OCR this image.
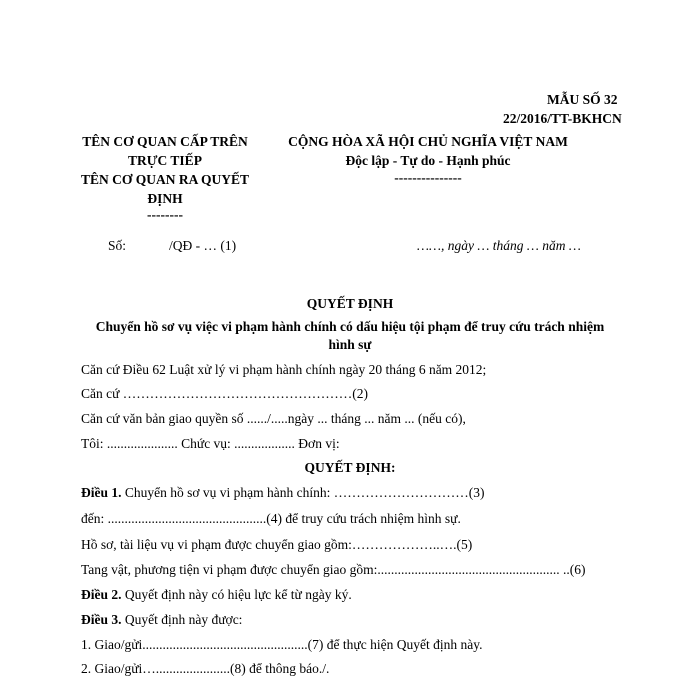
MẪU SỐ 32
22/2016/TT-BKHCN
TÊN CƠ QUAN CẤP TRÊN
TRỰC TIẾP
TÊN CƠ QUAN RA QUYẾT
ĐỊNH
--------
CỘNG HÒA XÃ HỘI CHỦ NGHĨA VIỆT NAM
Độc lập - Tự do - Hạnh phúc
---------------
Số:	/QĐ - … (1)	……, ngày … tháng … năm …
QUYẾT ĐỊNH
Chuyển hồ sơ vụ việc vi phạm hành chính có dấu hiệu tội phạm để truy cứu trách nhiệm
hình sự
Căn cứ Điều 62 Luật xử lý vi phạm hành chính ngày 20 tháng 6 năm 2012;
Căn cứ ……………………………………………(2)
Căn cứ văn bản giao quyền số ....../.....ngày ... tháng ... năm ... (nếu có),
Tôi: ..................... Chức vụ: .................. Đơn vị:
QUYẾT ĐỊNH:
Điều 1. Chuyển hồ sơ vụ vi phạm hành chính: …………………………(3)
đến: ...............................................(4) để truy cứu trách nhiệm hình sự.
Hồ sơ, tài liệu vụ vi phạm được chuyển giao gồm:………………..….(5)
Tang vật, phương tiện vi phạm được chuyển giao gồm:...................................................... ..(6)
Điều 2. Quyết định này có hiệu lực kể từ ngày ký.
Điều 3. Quyết định này được:
1. Giao/gửi.................................................(7) để thực hiện Quyết định này.
2. Giao/gửi…......................(8) để thông báo./.
